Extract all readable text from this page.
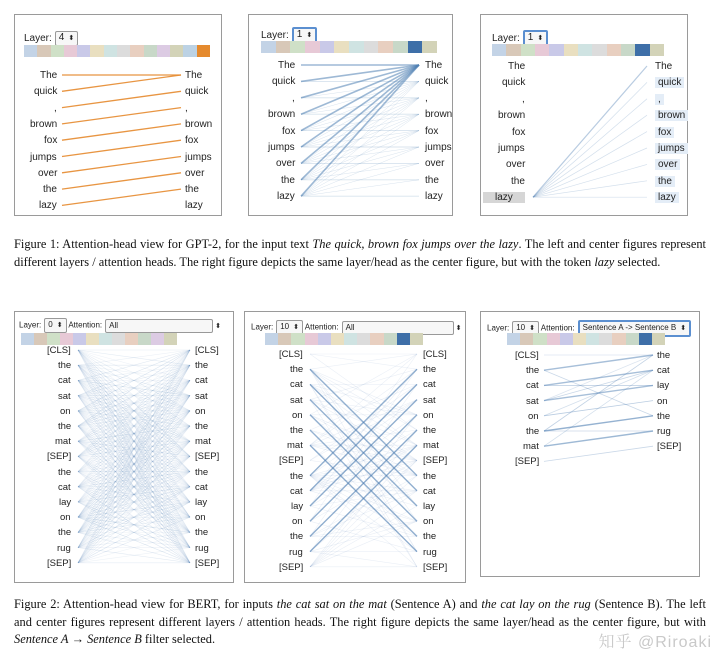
Layer: 4 ⬍
The
quick
,
brown
fox
jumps
over
the
lazy
The
quick
,
brown
fox
jumps
over
the
lazy
Layer: 1 ⬍
The
quick
,
brown
fox
jumps
over
the
lazy
The
quick
,
brown
fox
jumps
over
the
lazy
Layer: 1 ⬍
The
quick
,
brown
fox
jumps
over
the
lazy
The
quick
,
brown
fox
jumps
over
the
lazy
Figure 1: Attention-head view for GPT-2, for the input text The quick, brown fox jumps over the lazy. The left and center figures represent different layers / attention heads. The right figure depicts the same layer/head as the center figure, but with the token lazy selected.
Layer: 0 ⬍ Attention: All	⬍
[CLS]
the
cat
sat
on
the
mat
[SEP]
the
cat
lay
on
the
rug
[SEP]
[CLS]
the
cat
sat
on
the
mat
[SEP]
the
cat
lay
on
the
rug
[SEP]
Layer: 10 ⬍ Attention: All	⬍
[CLS]
the
cat
sat
on
the
mat
[SEP]
the
cat
lay
on
the
rug
[SEP]
[CLS]
the
cat
sat
on
the
mat
[SEP]
the
cat
lay
on
the
rug
[SEP]
Layer: 10 ⬍ Attention: Sentence A -> Sentence B ⬍
[CLS]
the
cat
sat
on
the
mat
[SEP]
the
cat
lay
on
the
rug
[SEP]
Figure 2: Attention-head view for BERT, for inputs the cat sat on the mat (Sentence A) and the cat lay on the rug (Sentence B). The left and center figures represent different layers / attention heads. The right figure depicts the same layer/head as the center figure, but with Sentence A → Sentence B filter selected.	知乎 @Riroaki
